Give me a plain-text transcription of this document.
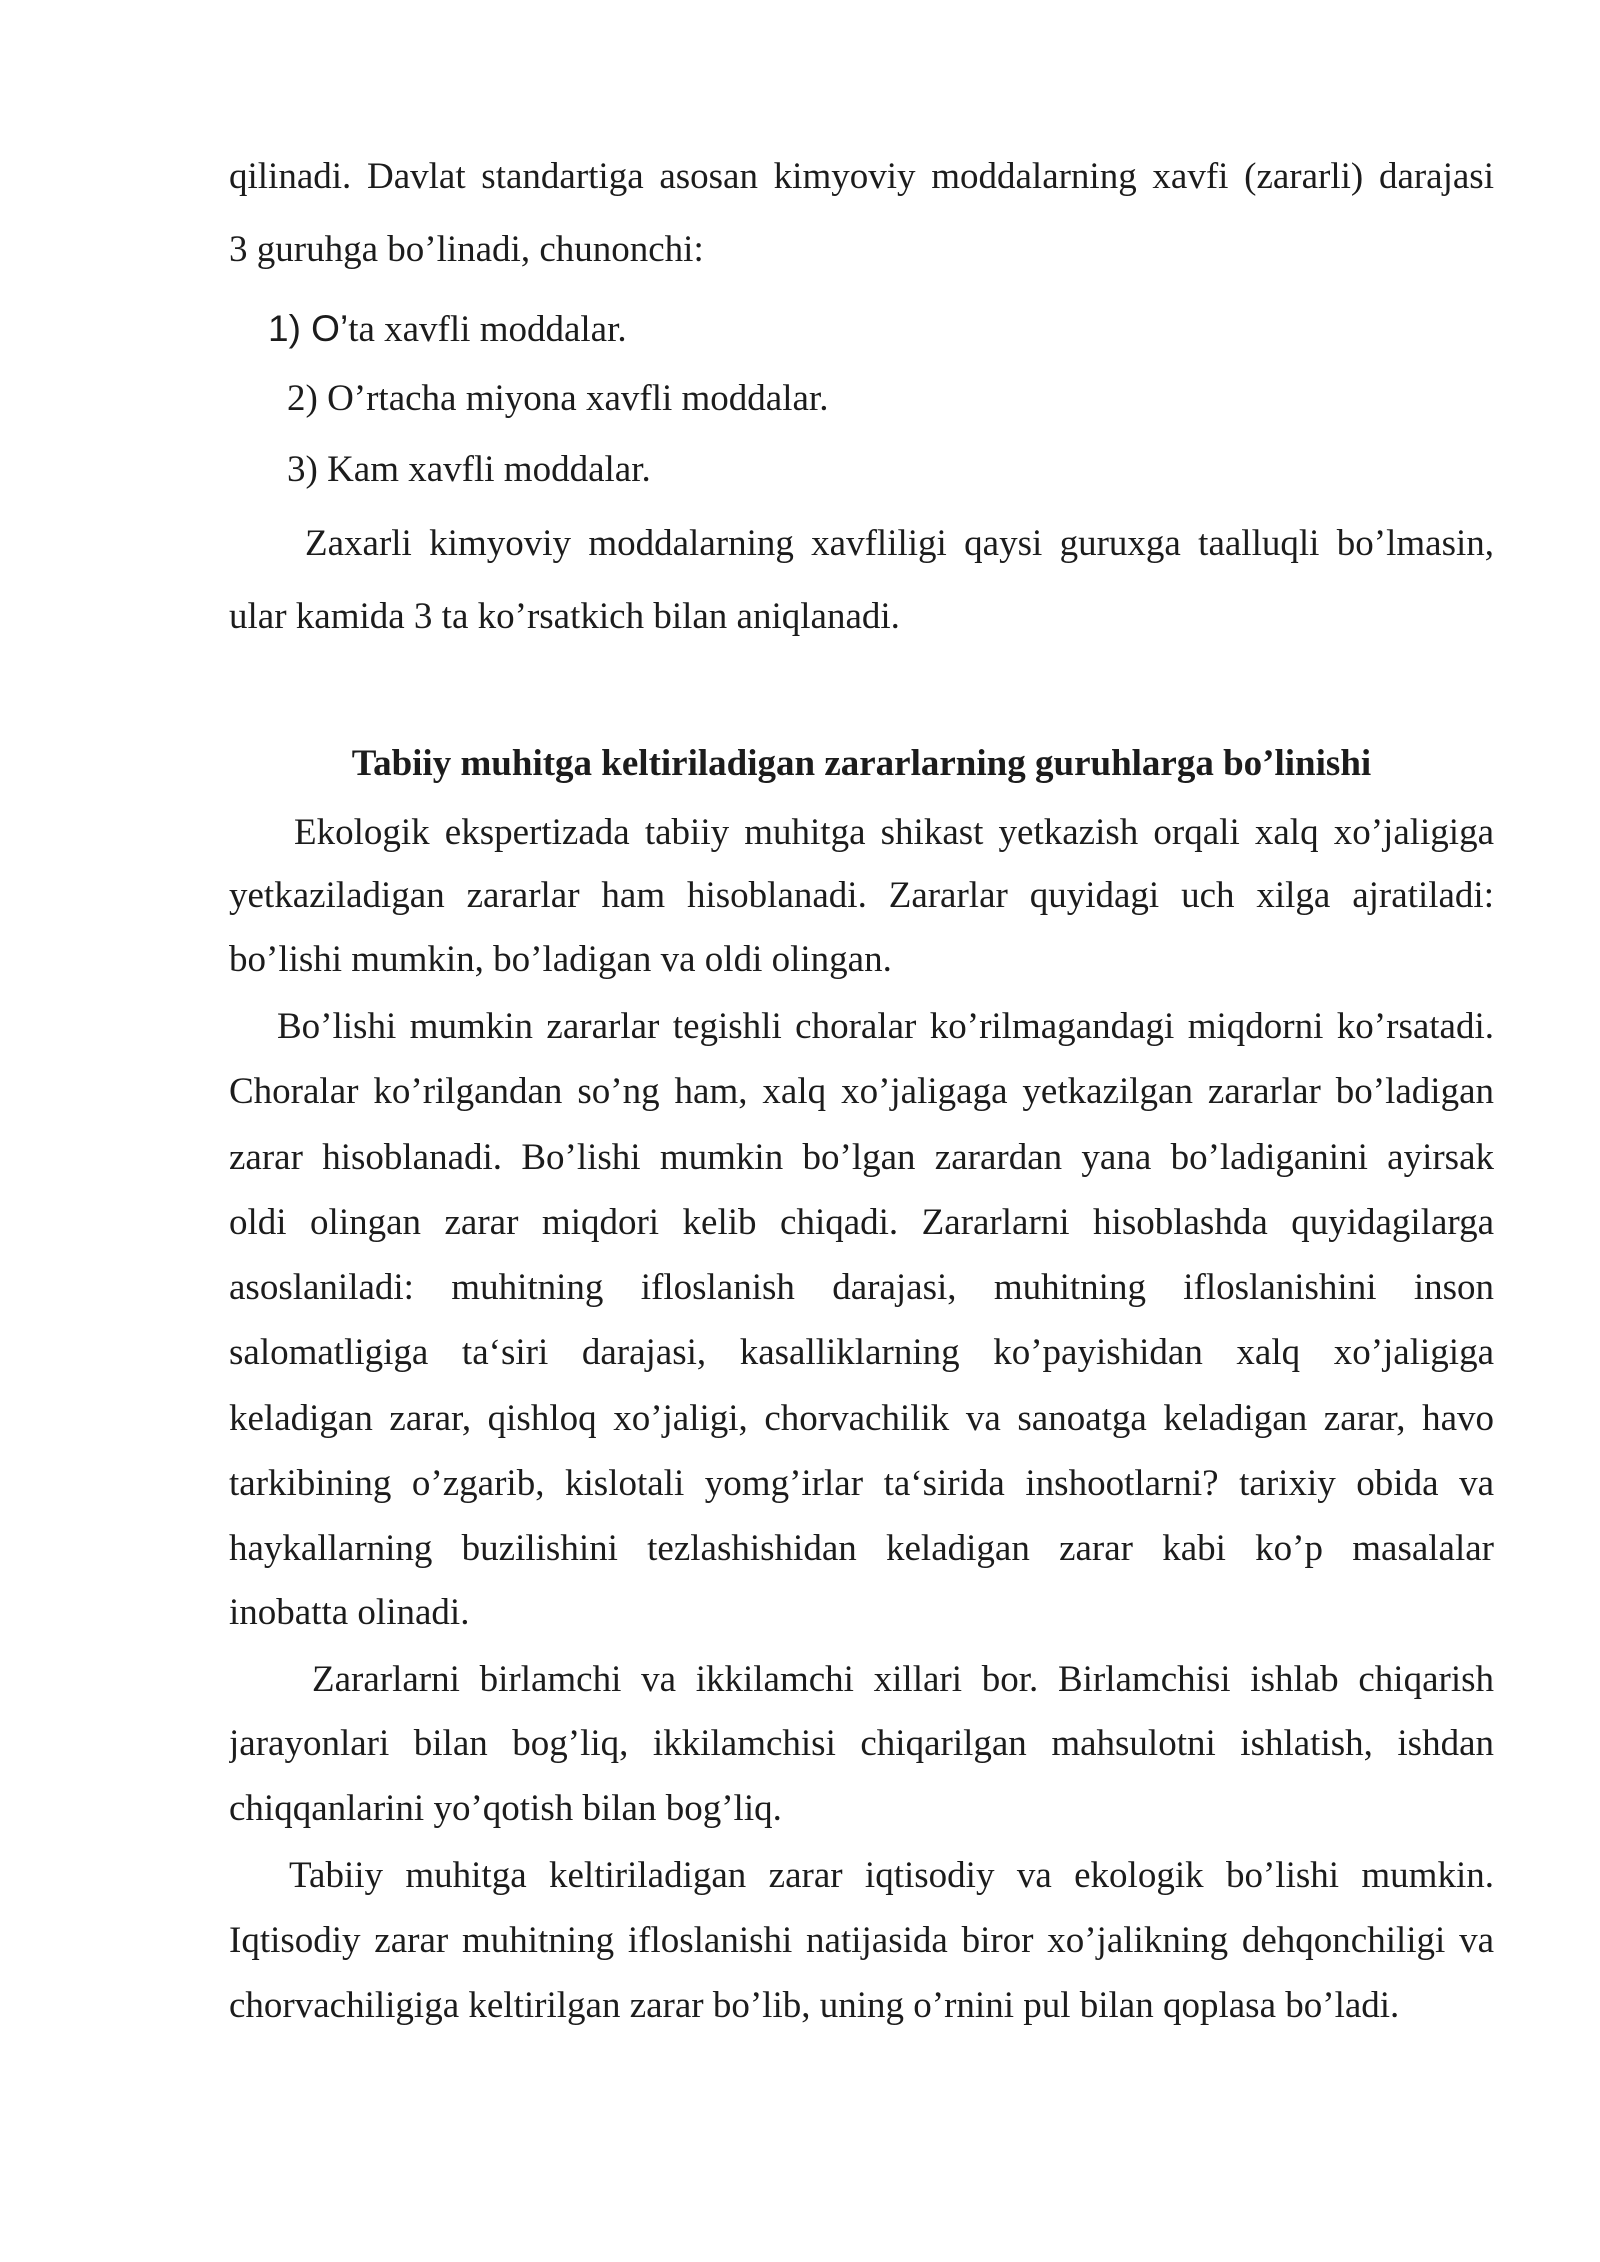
qilinadi. Davlat standartiga asosan kimyoviy moddalarning xavfi (zararli) darajasi
3 guruhga bo’linadi, chunonchi:
1) O’ta xavfli moddalar.
2) O’rtacha miyona xavfli moddalar.
3) Kam xavfli moddalar.
Zaxarli kimyoviy moddalarning xavfliligi qaysi guruxga taalluqli bo’lmasin,
ular kamida 3 ta ko’rsatkich bilan aniqlanadi.
Tabiiy muhitga keltiriladigan zararlarning guruhlarga bo’linishi
Ekologik ekspertizada tabiiy muhitga shikast yetkazish orqali xalq xo’jaligiga
yetkaziladigan zararlar ham hisoblanadi. Zararlar quyidagi uch xilga ajratiladi:
bo’lishi mumkin, bo’ladigan va oldi olingan.
Bo’lishi mumkin zararlar tegishli choralar ko’rilmagandagi miqdorni ko’rsatadi.
Choralar ko’rilgandan so’ng ham, xalq xo’jaligaga yetkazilgan zararlar bo’ladigan
zarar hisoblanadi. Bo’lishi mumkin bo’lgan zarardan yana bo’ladiganini ayirsak
oldi olingan zarar miqdori kelib chiqadi. Zararlarni hisoblashda quyidagilarga
asoslaniladi: muhitning ifloslanish darajasi, muhitning ifloslanishini inson
salomatligiga ta‘siri darajasi, kasalliklarning ko’payishidan xalq xo’jaligiga
keladigan zarar, qishloq xo’jaligi, chorvachilik va sanoatga keladigan zarar, havo
tarkibining o’zgarib, kislotali yomg’irlar ta‘sirida inshootlarni? tarixiy obida va
haykallarning buzilishini tezlashishidan keladigan zarar kabi ko’p masalalar
inobatta olinadi.
Zararlarni birlamchi va ikkilamchi xillari bor. Birlamchisi ishlab chiqarish
jarayonlari bilan bog’liq, ikkilamchisi chiqarilgan mahsulotni ishlatish, ishdan
chiqqanlarini yo’qotish bilan bog’liq.
Tabiiy muhitga keltiriladigan zarar iqtisodiy va ekologik bo’lishi mumkin.
Iqtisodiy zarar muhitning ifloslanishi natijasida biror xo’jalikning dehqonchiligi va
chorvachiligiga keltirilgan zarar bo’lib, uning o’rnini pul bilan qoplasa bo’ladi.
